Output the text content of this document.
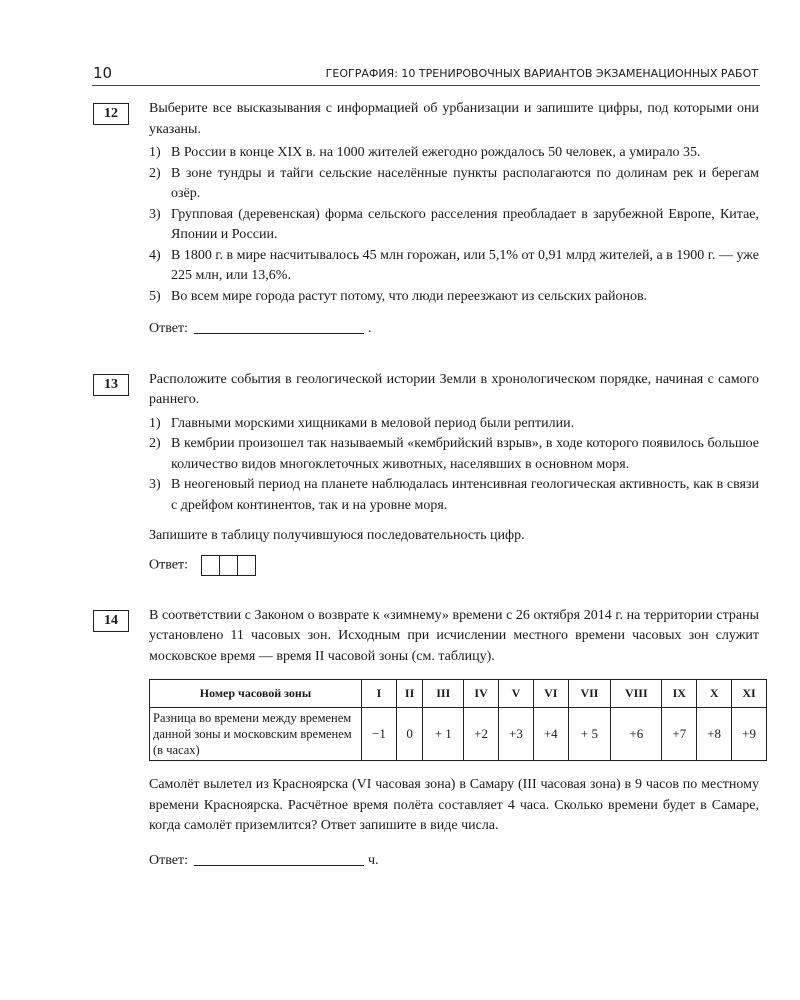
10	ГЕОГРАФИЯ: 10 ТРЕНИРОВОЧНЫХ ВАРИАНТОВ ЭКЗАМЕНАЦИОННЫХ РАБОТ
12	Выберите все высказывания с информацией об урбанизации и запишите цифры, под которыми они указаны.

1) В России в конце XIX в. на 1000 жителей ежегодно рождалось 50 человек, а умирало 35.
2) В зоне тундры и тайги сельские населённые пункты располагаются по долинам рек и берегам озёр.
3) Групповая (деревенская) форма сельского расселения преобладает в зарубежной Европе, Китае, Японии и России.
4) В 1800 г. в мире насчитывалось 45 млн горожан, или 5,1% от 0,91 млрд жителей, а в 1900 г. — уже 225 млн, или 13,6%.
5) Во всем мире города растут потому, что люди переезжают из сельских районов.
Ответ:	.
13	Расположите события в геологической истории Земли в хронологическом порядке, начиная с самого раннего.

1) Главными морскими хищниками в меловой период были рептилии.
2) В кембрии произошел так называемый «кембрийский взрыв», в ходе которого появилось большое количество видов многоклеточных животных, населявших в основном моря.
3) В неогеновый период на планете наблюдалась интенсивная геологическая активность, как в связи с дрейфом континентов, так и на уровне моря.

Запишите в таблицу получившуюся последовательность цифр.

Ответ:
14	В соответствии с Законом о возврате к «зимнему» времени с 26 октября 2014 г. на территории страны установлено 11 часовых зон. Исходным при исчислении местного времени часовых зон служит московское время — время II часовой зоны (см. таблицу).

Номер часовой зоны	I	II	III	IV	V	VI	VII	VIII	IX	X	XI
Разница во времени между временем данной зоны и московским временем (в часах)	−1	0	+ 1	+2	+3	+4	+ 5	+6	+7	+8	+9

Самолёт вылетел из Красноярска (VI часовая зона) в Самару (III часовая зона) в 9 часов по местному времени Красноярска. Расчётное время полёта составляет 4 часа. Сколько времени будет в Самаре, когда самолёт приземлится? Ответ запишите в виде числа.

Ответ:	ч.
